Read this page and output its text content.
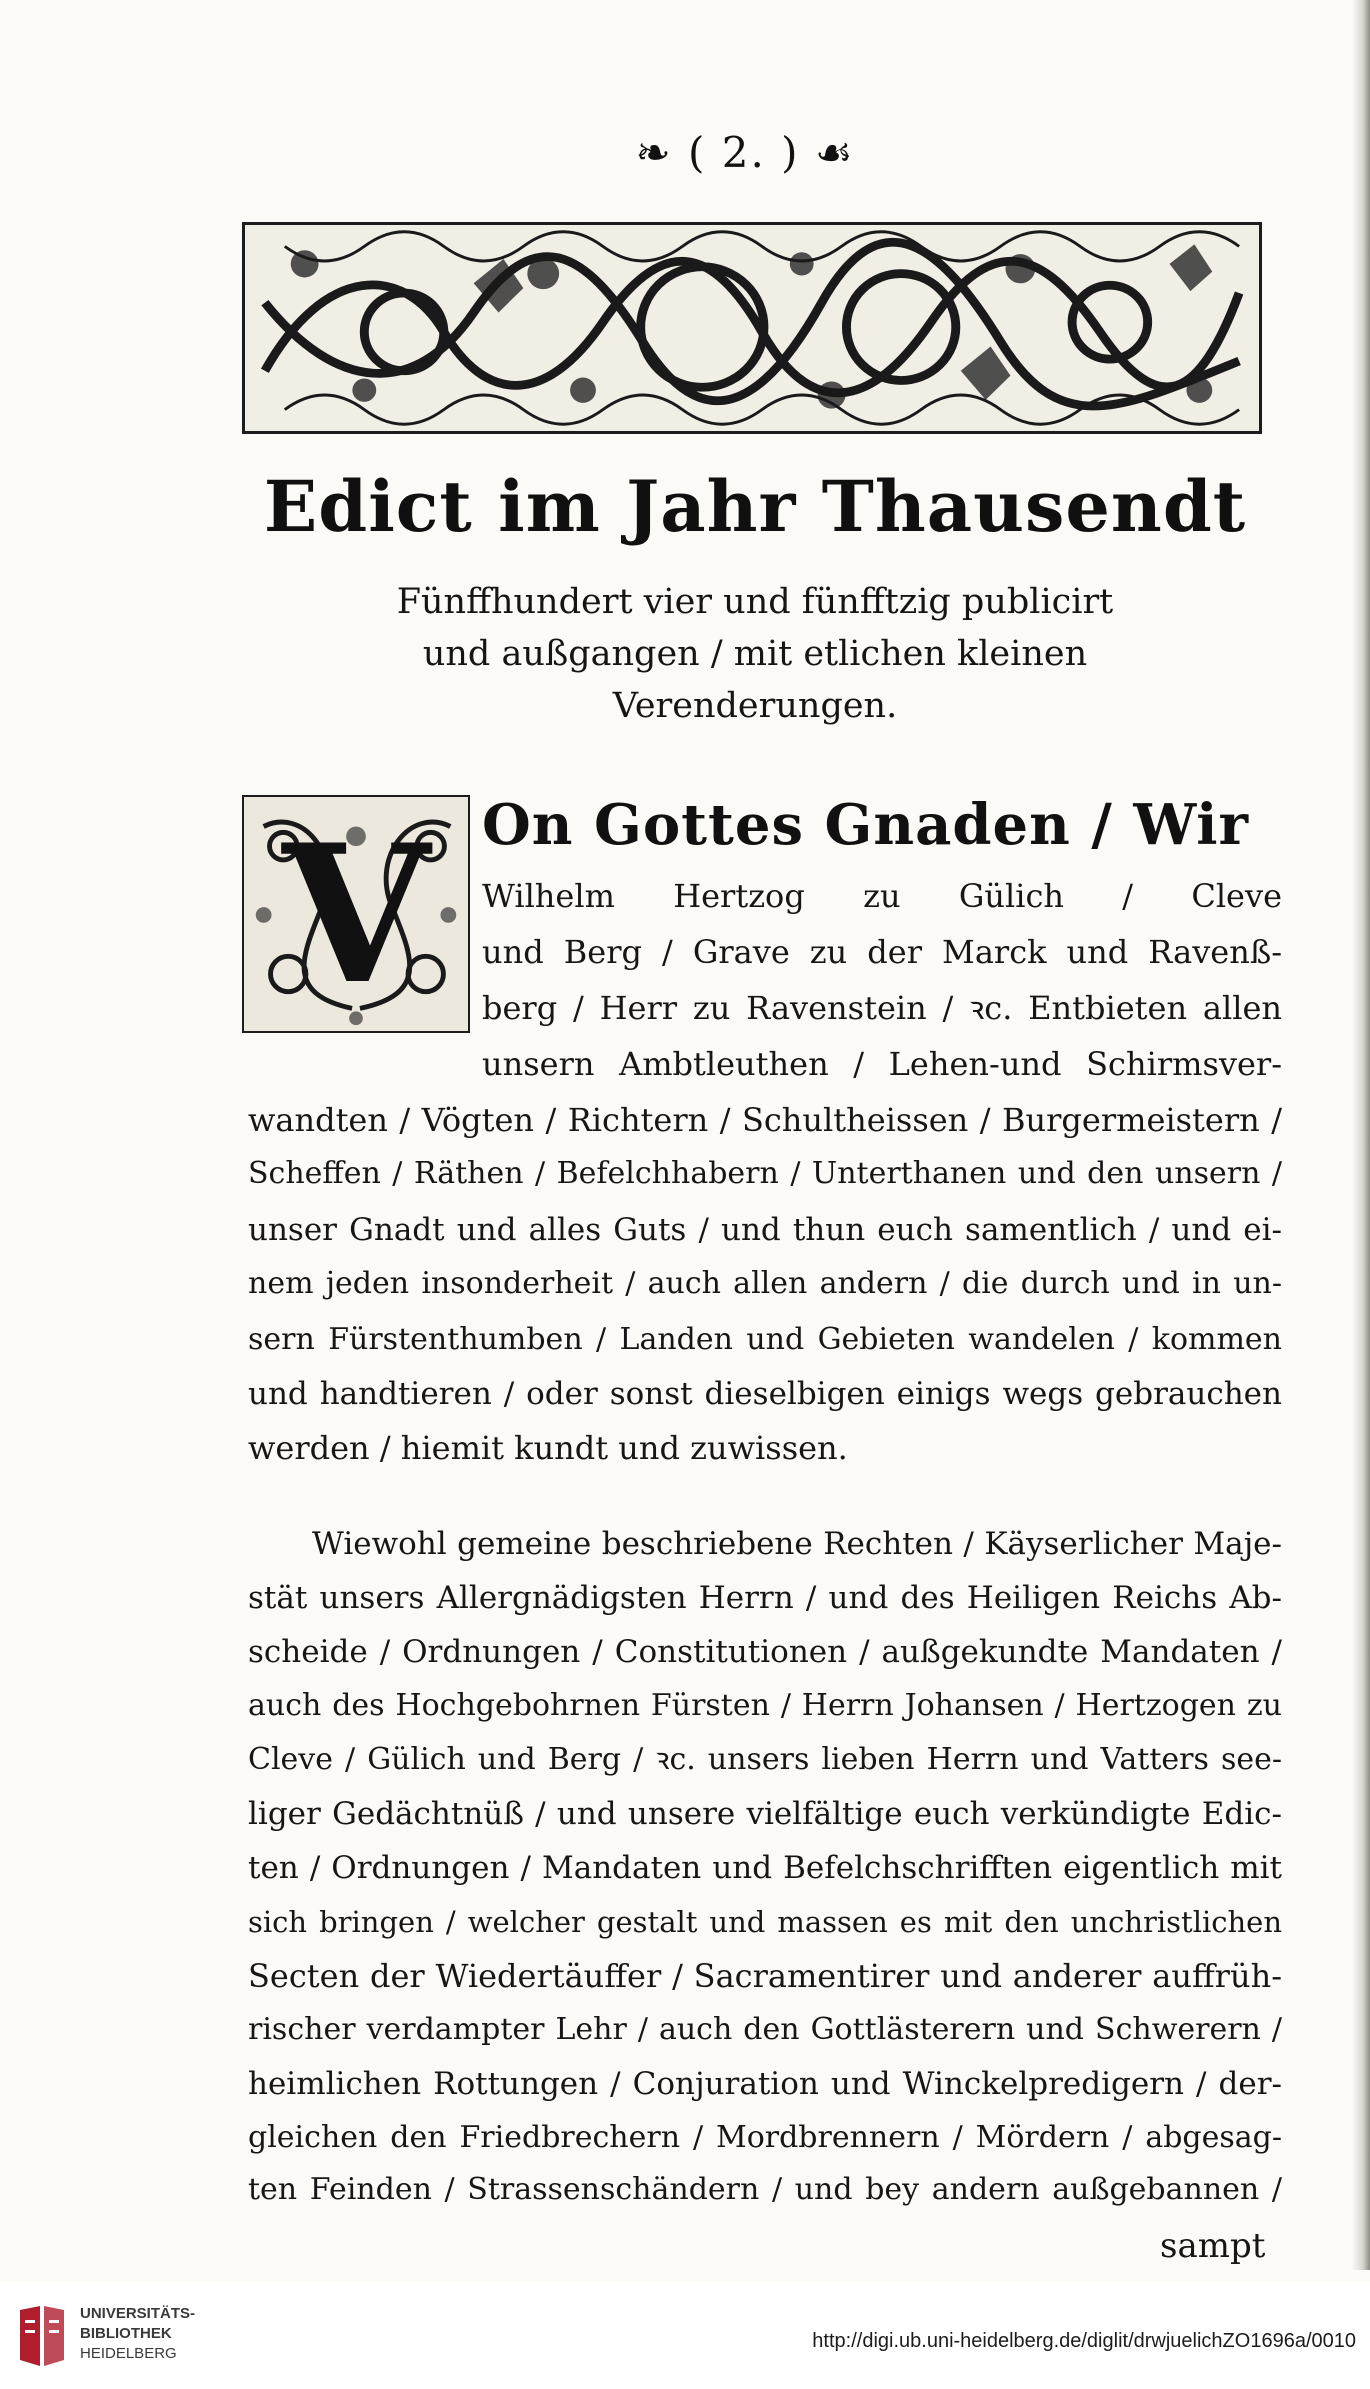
❧ ( 2. ) ☙
Edict im Jahr Thausendt
Fünffhundert vier und fünfftzig publicirt
und außgangen / mit etlichen kleinen
Verenderungen.
V On Gottes Gnaden / Wir
Wilhelm Hertzog zu Gülich / Cleve
und Berg / Grave zu der Marck und Ravenß-
berg / Herr zu Ravenstein / ꝛc. Entbieten allen
unsern Ambtleuthen / Lehen-und Schirmsver-
wandten / Vögten / Richtern / Schultheissen / Burgermeistern /
Scheffen / Räthen / Befelchhabern / Unterthanen und den unsern /
unser Gnadt und alles Guts / und thun euch samentlich / und ei-
nem jeden insonderheit / auch allen andern / die durch und in un-
sern Fürstenthumben / Landen und Gebieten wandelen / kommen
und handtieren / oder sonst dieselbigen einigs wegs gebrauchen
werden / hiemit kundt und zuwissen.
Wiewohl gemeine beschriebene Rechten / Käyserlicher Maje-
stät unsers Allergnädigsten Herrn / und des Heiligen Reichs Ab-
scheide / Ordnungen / Constitutionen / außgekundte Mandaten /
auch des Hochgebohrnen Fürsten / Herrn Johansen / Hertzogen zu
Cleve / Gülich und Berg / ꝛc. unsers lieben Herrn und Vatters see-
liger Gedächtnüß / und unsere vielfältige euch verkündigte Edic-
ten / Ordnungen / Mandaten und Befelchschrifften eigentlich mit
sich bringen / welcher gestalt und massen es mit den unchristlichen
Secten der Wiedertäuffer / Sacramentirer und anderer auffrüh-
rischer verdampter Lehr / auch den Gottlästerern und Schwerern /
heimlichen Rottungen / Conjuration und Winckelpredigern / der-
gleichen den Friedbrechern / Mordbrennern / Mördern / abgesag-
ten Feinden / Strassenschändern / und bey andern außgebannen /
sampt
UNIVERSITÄTS-
BIBLIOTHEK
HEIDELBERG
http://digi.ub.uni-heidelberg.de/diglit/drwjuelichZO1696a/0010
